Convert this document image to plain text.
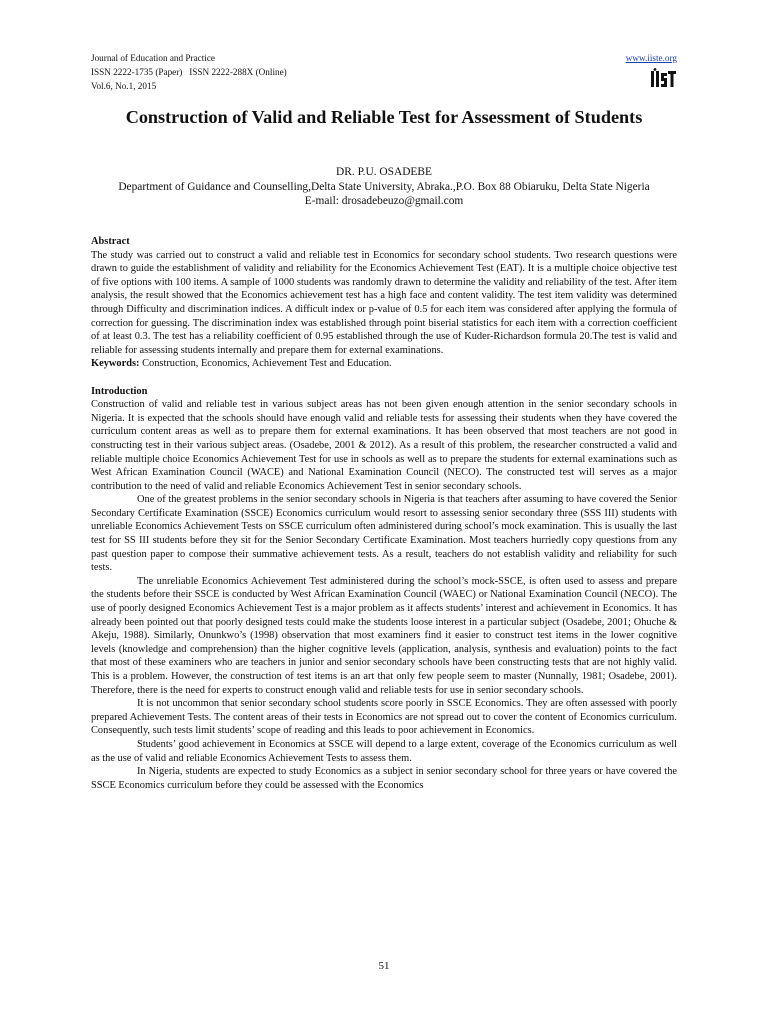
Journal of Education and Practice
ISSN 2222-1735 (Paper)   ISSN 2222-288X (Online)
Vol.6, No.1, 2015
www.iiste.org
Construction of Valid and Reliable Test for Assessment of Students
DR. P.U. OSADEBE
Department of Guidance and Counselling,Delta State University, Abraka.,P.O. Box 88 Obiaruku, Delta State Nigeria
E-mail: drosadebeuzo@gmail.com
Abstract

The study was carried out to construct a valid and reliable test in Economics for secondary school students. Two research questions were drawn to guide the establishment of validity and reliability for the Economics Achievement Test (EAT). It is a multiple choice objective test of five options with 100 items. A sample of 1000 students was randomly drawn to determine the validity and reliability of the test. After item analysis, the result showed that the Economics achievement test has a high face and content validity. The test item validity was determined through Difficulty and discrimination indices. A difficult index or p-value of 0.5 for each item was considered after applying the formula of correction for guessing. The discrimination index was established through point biserial statistics for each item with a correction coefficient of at least 0.3. The test has a reliability coefficient of 0.95 established through the use of Kuder-Richardson formula 20.The test is valid and reliable for assessing students internally and prepare them for external examinations.

Keywords: Construction, Economics, Achievement Test and Education.

Introduction

Construction of valid and reliable test in various subject areas has not been given enough attention in the senior secondary schools in Nigeria. It is expected that the schools should have enough valid and reliable tests for assessing their students when they have covered the curriculum content areas as well as to prepare them for external examinations. It has been observed that most teachers are not good in constructing test in their various subject areas. (Osadebe, 2001 & 2012). As a result of this problem, the researcher constructed a valid and reliable multiple choice Economics Achievement Test for use in schools as well as to prepare the students for external examinations such as West African Examination Council (WACE) and National Examination Council (NECO). The constructed test will serves as a major contribution to the need of valid and reliable Economics Achievement Test in senior secondary schools.

One of the greatest problems in the senior secondary schools in Nigeria is that teachers after assuming to have covered the Senior Secondary Certificate Examination (SSCE) Economics curriculum would resort to assessing senior secondary three (SSS III) students with unreliable Economics Achievement Tests on SSCE curriculum often administered during school’s mock examination. This is usually the last test for SS III students before they sit for the Senior Secondary Certificate Examination. Most teachers hurriedly copy questions from any past question paper to compose their summative achievement tests. As a result, teachers do not establish validity and reliability for such tests.

The unreliable Economics Achievement Test administered during the school’s mock-SSCE, is often used to assess and prepare the students before their SSCE is conducted by West African Examination Council (WAEC) or National Examination Council (NECO). The use of poorly designed Economics Achievement Test is a major problem as it affects students’ interest and achievement in Economics. It has already been pointed out that poorly designed tests could make the students loose interest in a particular subject (Osadebe, 2001; Ohuche & Akeju, 1988). Similarly, Onunkwo’s (1998) observation that most examiners find it easier to construct test items in the lower cognitive levels (knowledge and comprehension) than the higher cognitive levels (application, analysis, synthesis and evaluation) points to the fact that most of these examiners who are teachers in junior and senior secondary schools have been constructing tests that are not highly valid. This is a problem. However, the construction of test items is an art that only few people seem to master (Nunnally, 1981; Osadebe, 2001). Therefore, there is the need for experts to construct enough valid and reliable tests for use in senior secondary schools.

It is not uncommon that senior secondary school students score poorly in SSCE Economics. They are often assessed with poorly prepared Achievement Tests. The content areas of their tests in Economics are not spread out to cover the content of Economics curriculum. Consequently, such tests limit students’ scope of reading and this leads to poor achievement in Economics.

Students’ good achievement in Economics at SSCE will depend to a large extent, coverage of the Economics curriculum as well as the use of valid and reliable Economics Achievement Tests to assess them.

In Nigeria, students are expected to study Economics as a subject in senior secondary school for three years or have covered the SSCE Economics curriculum before they could be assessed with the Economics

51
